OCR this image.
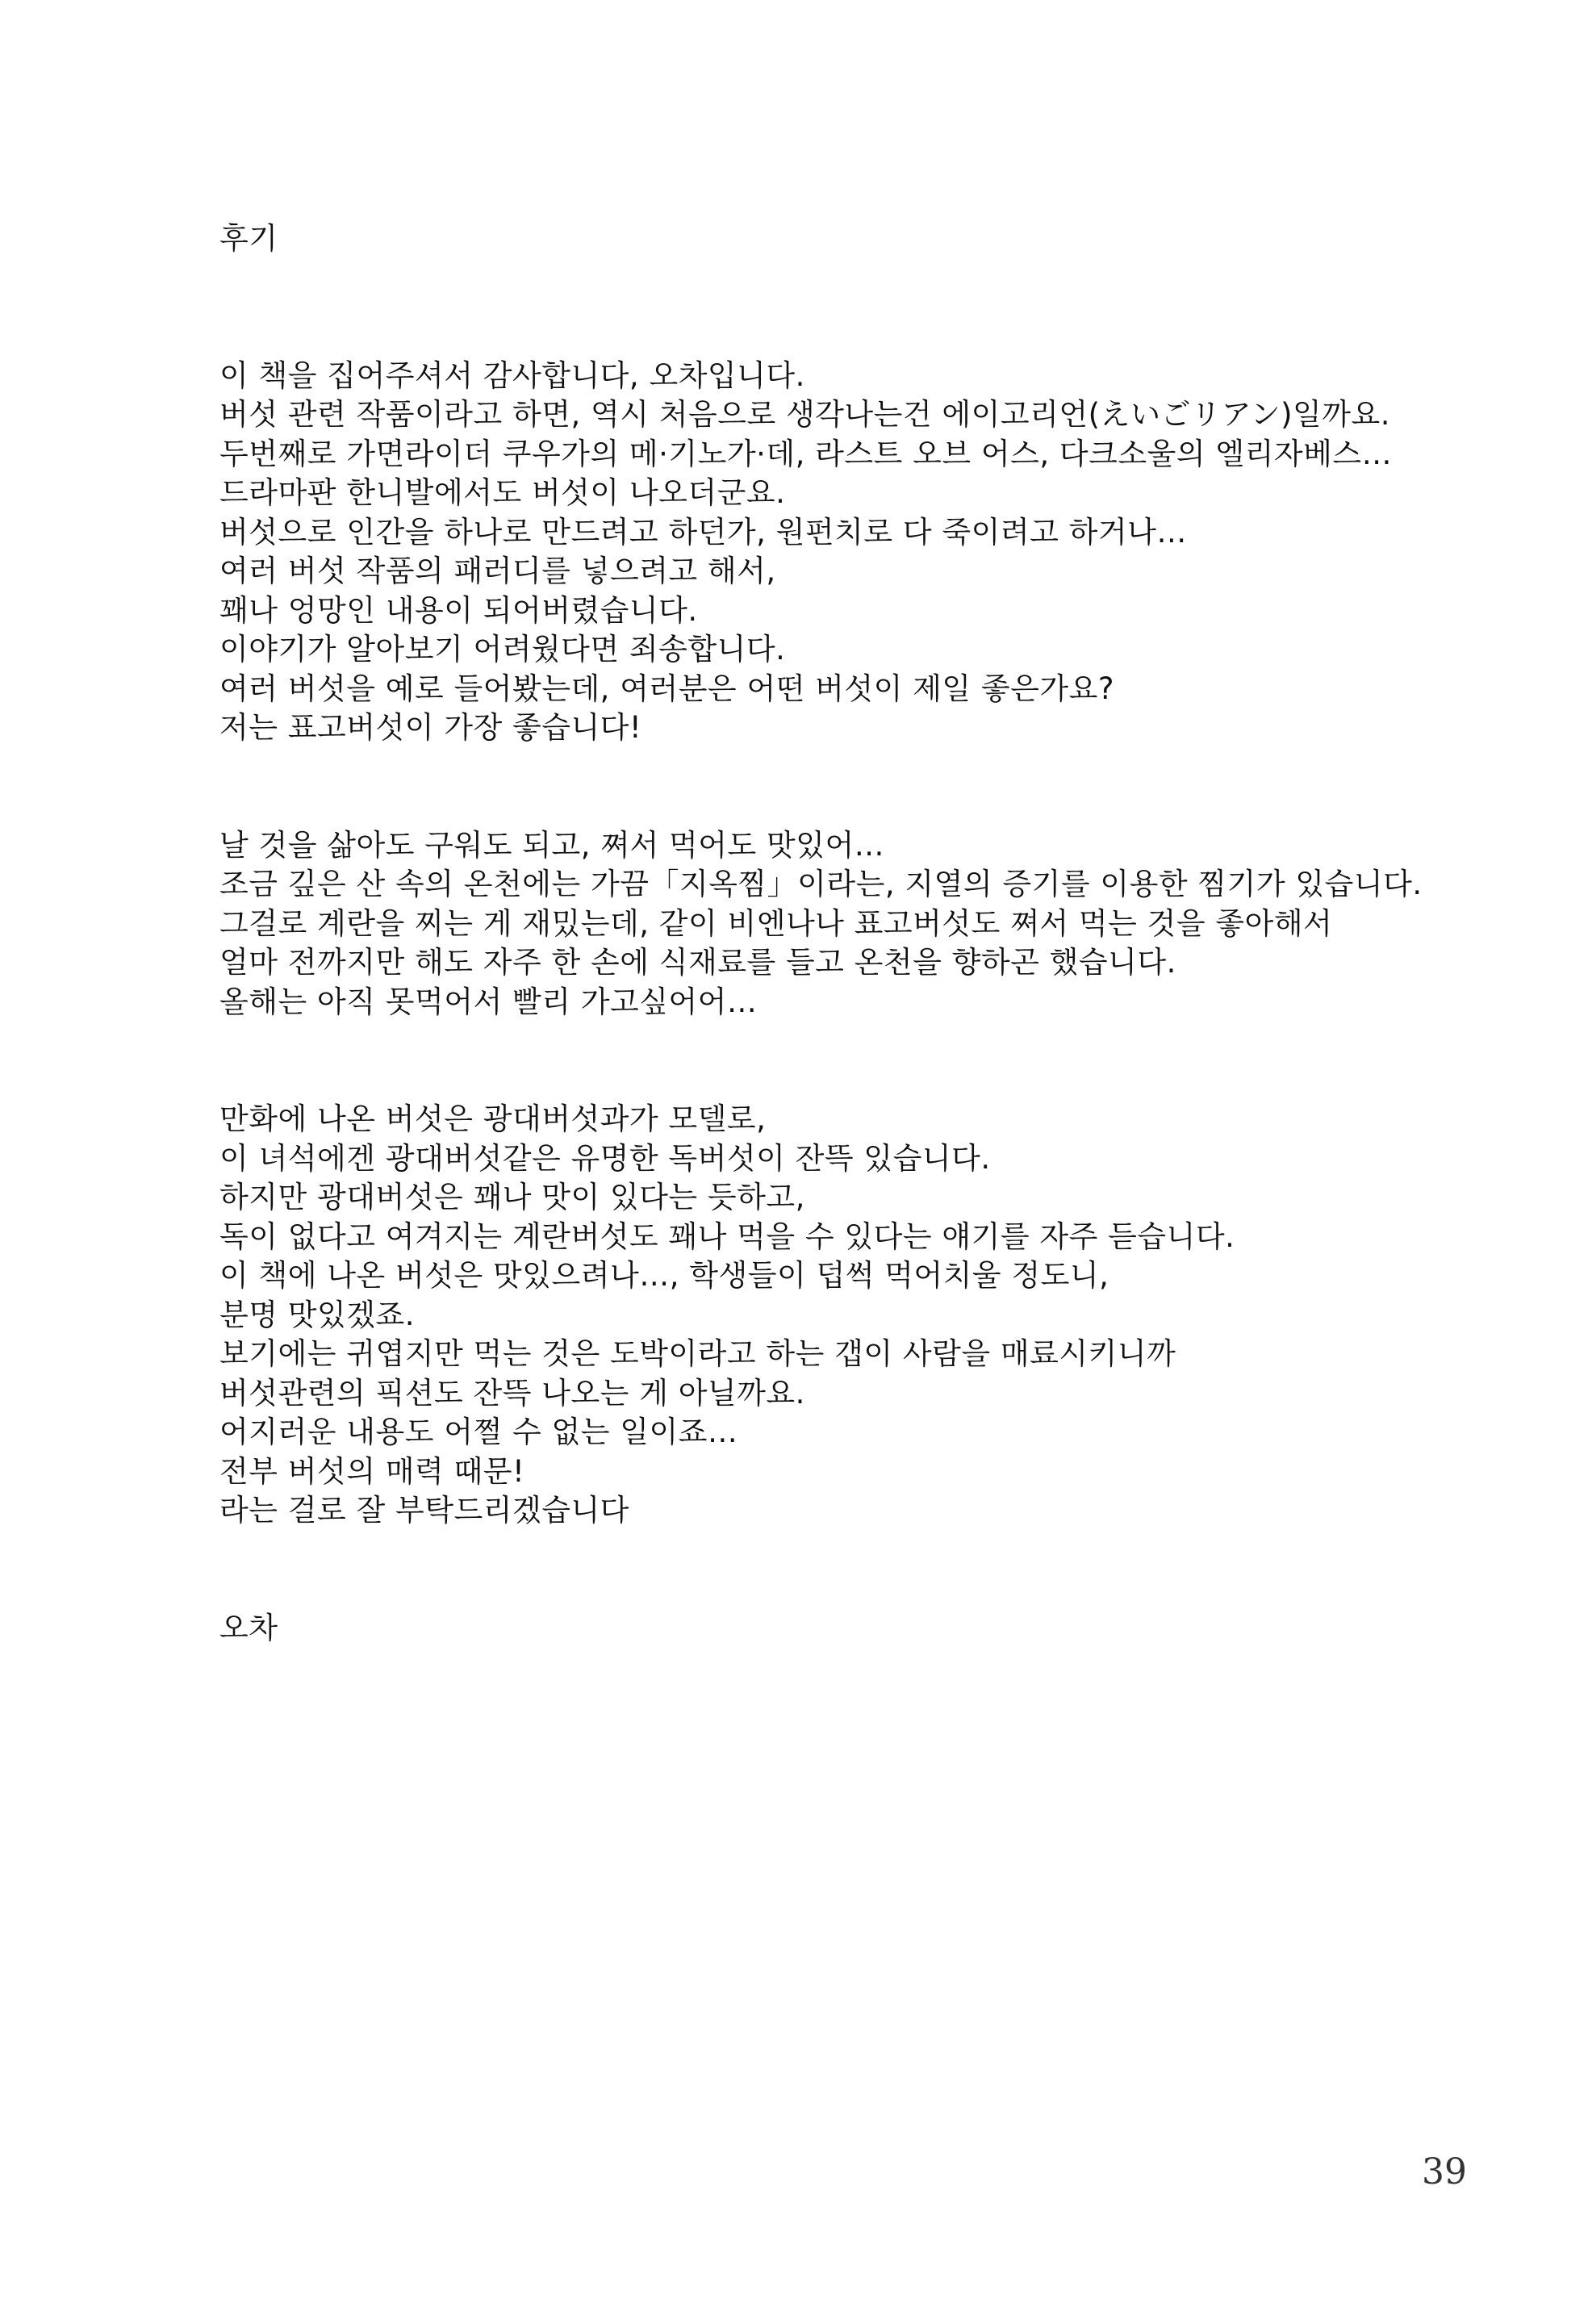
후기
이 책을 집어주셔서 감사합니다, 오차입니다.
버섯 관련 작품이라고 하면, 역시 처음으로 생각나는건 에이고리언(えいごリアン)일까요.
두번째로 가면라이더 쿠우가의 메·기노가·데, 라스트 오브 어스, 다크소울의 엘리자베스…
드라마판 한니발에서도 버섯이 나오더군요.
버섯으로 인간을 하나로 만드려고 하던가, 원펀치로 다 죽이려고 하거나…
여러 버섯 작품의 패러디를 넣으려고 해서,
꽤나 엉망인 내용이 되어버렸습니다.
이야기가 알아보기 어려웠다면 죄송합니다.
여러 버섯을 예로 들어봤는데, 여러분은 어떤 버섯이 제일 좋은가요?
저는 표고버섯이 가장 좋습니다!
날 것을 삶아도 구워도 되고, 쪄서 먹어도 맛있어…
조금 깊은 산 속의 온천에는 가끔「지옥찜」이라는, 지열의 증기를 이용한 찜기가 있습니다.
그걸로 계란을 찌는 게 재밌는데, 같이 비엔나나 표고버섯도 쪄서 먹는 것을 좋아해서
얼마 전까지만 해도 자주 한 손에 식재료를 들고 온천을 향하곤 했습니다.
올해는 아직 못먹어서 빨리 가고싶어어…
만화에 나온 버섯은 광대버섯과가 모델로,
이 녀석에겐 광대버섯같은 유명한 독버섯이 잔뜩 있습니다.
하지만 광대버섯은 꽤나 맛이 있다는 듯하고,
독이 없다고 여겨지는 계란버섯도 꽤나 먹을 수 있다는 얘기를 자주 듣습니다.
이 책에 나온 버섯은 맛있으려나…, 학생들이 덥썩 먹어치울 정도니,
분명 맛있겠죠.
보기에는 귀엽지만 먹는 것은 도박이라고 하는 갭이 사람을 매료시키니까
버섯관련의 픽션도 잔뜩 나오는 게 아닐까요.
어지러운 내용도 어쩔 수 없는 일이죠…
전부 버섯의 매력 때문!
라는 걸로 잘 부탁드리겠습니다

오차

39
